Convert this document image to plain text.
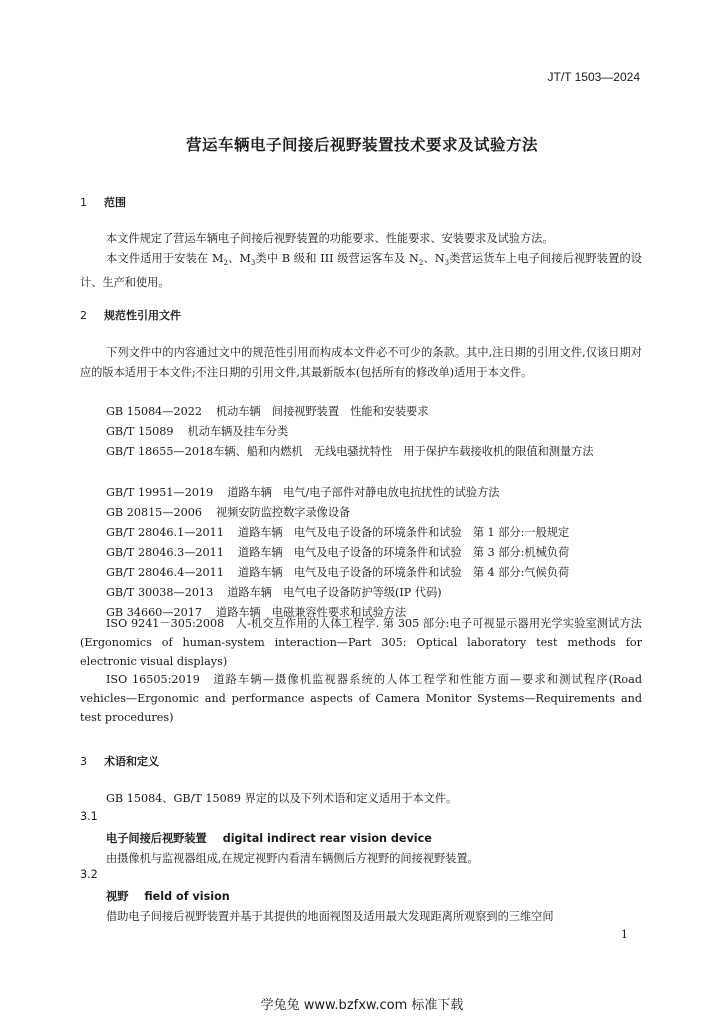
JT/T 1503—2024
营运车辆电子间接后视野装置技术要求及试验方法
1 范围
本文件规定了营运车辆电子间接后视野装置的功能要求、性能要求、安装要求及试验方法。
本文件适用于安装在 $M_2$、$M_3$类中 B 级和 III 级营运客车及 $N_2$、$N_3$类营运货车上电子间接后视野装置的设计、生产和使用。
2 规范性引用文件
下列文件中的内容通过文中的规范性引用而构成本文件必不可少的条款。其中,注日期的引用文件,仅该日期对应的版本适用于本文件;不注日期的引用文件,其最新版本(包括所有的修改单)适用于本文件。
GB 15084—2022 机动车辆　间接视野装置　性能和安装要求
GB/T 15089 机动车辆及挂车分类
GB/T 18655—2018车辆、船和内燃机　无线电骚扰特性　用于保护车载接收机的限值和测量方法
GB/T 19951—2019 道路车辆　电气/电子部件对静电放电抗扰性的试验方法
GB 20815—2006 视频安防监控数字录像设备
GB/T 28046.1—2011 道路车辆　电气及电子设备的环境条件和试验　第 1 部分:一般规定
GB/T 28046.3—2011 道路车辆　电气及电子设备的环境条件和试验　第 3 部分:机械负荷
GB/T 28046.4—2011 道路车辆　电气及电子设备的环境条件和试验　第 4 部分:气候负荷
GB/T 30038—2013 道路车辆　电气电子设备防护等级(IP 代码)
GB 34660—2017 道路车辆　电磁兼容性要求和试验方法
ISO 9241－305:2008　人-机交互作用的人体工程学. 第 305 部分:电子可视显示器用光学实验室测试方法(Ergonomics of human-system interaction—Part 305: Optical laboratory test methods for electronic visual displays)
ISO 16505:2019　道路车辆—摄像机监视器系统的人体工程学和性能方面—要求和测试程序(Road vehicles—Ergonomic and performance aspects of Camera Monitor Systems—Requirements and test procedures)
3 术语和定义
GB 15084、GB/T 15089 界定的以及下列术语和定义适用于本文件。
3.1
电子间接后视野装置 digital indirect rear vision device
由摄像机与监视器组成,在规定视野内看清车辆侧后方视野的间接视野装置。
3.2
视野 field of vision
借助电子间接后视野装置并基于其提供的地面视图及适用最大发现距离所观察到的三维空间
1
学兔兔 www.bzfxw.com 标准下载
